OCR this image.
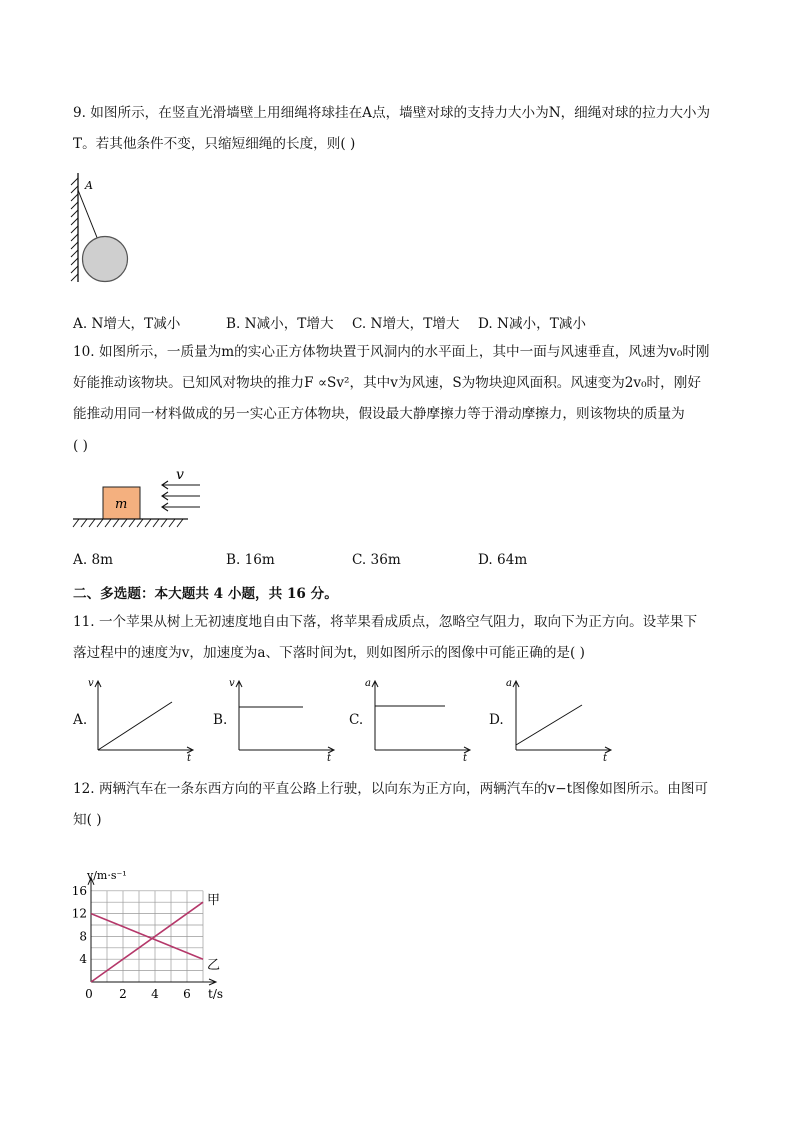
9. 如图所示，在竖直光滑墙壁上用细绳将球挂在A点，墙壁对球的支持力大小为N，细绳对球的拉力大小为
T。若其他条件不变，只缩短细绳的长度，则( )
A
A. N增大，T减小	B. N减小，T增大 C. N增大，T增大 D. N减小，T减小
10. 如图所示，一质量为m的实心正方体物块置于风洞内的水平面上，其中一面与风速垂直，风速为v₀时刚
好能推动该物块。已知风对物块的推力F ∝Sv²，其中v为风速，S为物块迎风面积。风速变为2v₀时，刚好
能推动用同一材料做成的另一实心正方体物块，假设最大静摩擦力等于滑动摩擦力，则该物块的质量为
( )
m
v
A. 8m	B. 16m	C. 36m	D. 64m
二、多选题：本大题共 4 小题，共 16 分。
11. 一个苹果从树上无初速度地自由下落，将苹果看成质点，忽略空气阻力，取向下为正方向。设苹果下
落过程中的速度为v，加速度为a、下落时间为t，则如图所示的图像中可能正确的是( )
A.
v
t
B.
v
t
C.
a
t
D.
a
t
12. 两辆汽车在一条东西方向的平直公路上行驶，以向东为正方向，两辆汽车的v−t图像如图所示。由图可
知( )
4
8
12
16
0 2 4 6
v/m·s⁻¹
t/s
甲
乙
